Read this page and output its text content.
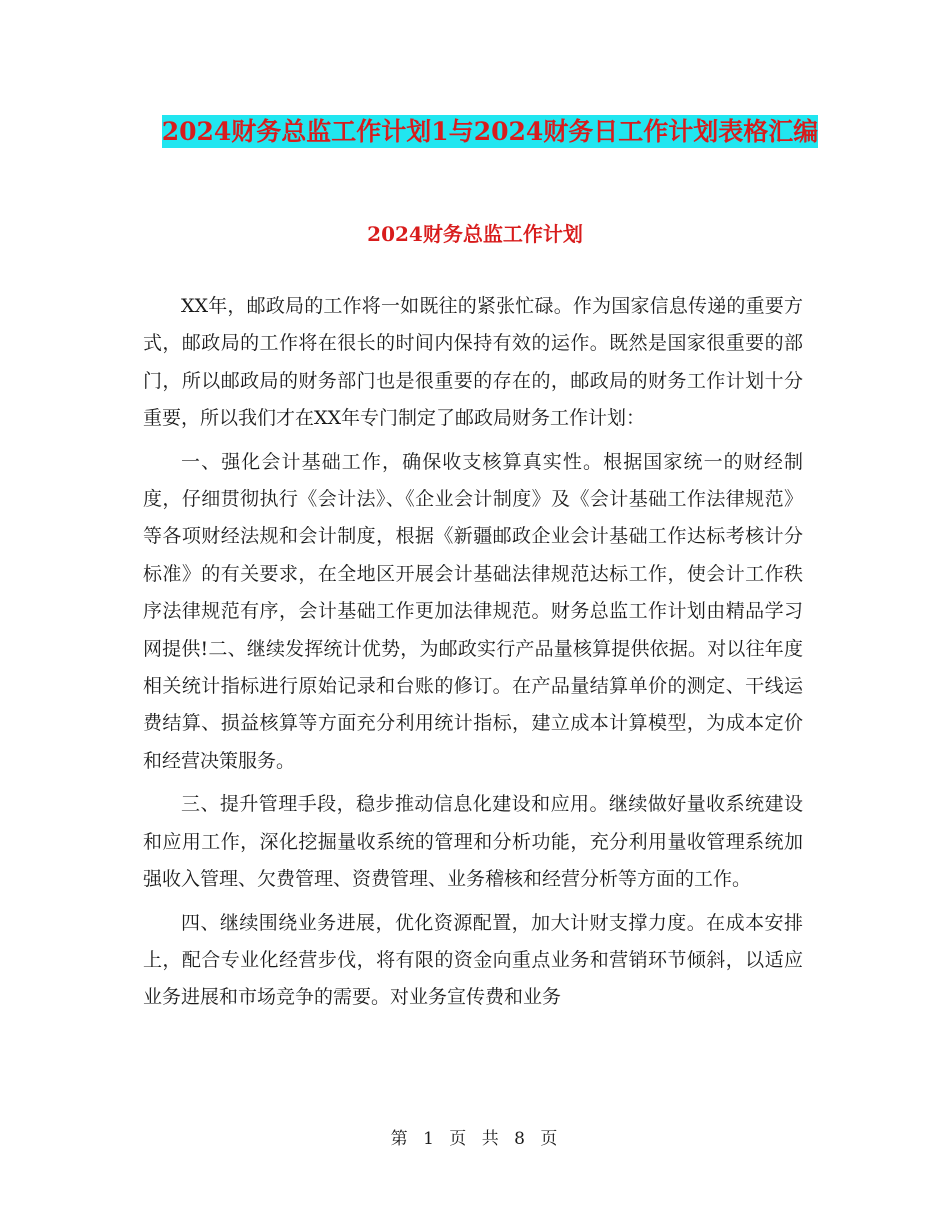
2024财务总监工作计划1与2024财务日工作计划表格汇编
2024财务总监工作计划

XX年，邮政局的工作将一如既往的紧张忙碌。作为国家信息传递的重要方式，邮政局的工作将在很长的时间内保持有效的运作。既然是国家很重要的部门，所以邮政局的财务部门也是很重要的存在的，邮政局的财务工作计划十分重要，所以我们才在XX年专门制定了邮政局财务工作计划：

一、强化会计基础工作，确保收支核算真实性。根据国家统一的财经制度，仔细贯彻执行《会计法》、《企业会计制度》及《会计基础工作法律规范》等各项财经法规和会计制度，根据《新疆邮政企业会计基础工作达标考核计分标准》的有关要求，在全地区开展会计基础法律规范达标工作，使会计工作秩序法律规范有序，会计基础工作更加法律规范。财务总监工作计划由精品学习网提供!二、继续发挥统计优势，为邮政实行产品量核算提供依据。对以往年度相关统计指标进行原始记录和台账的修订。在产品量结算单价的测定、干线运费结算、损益核算等方面充分利用统计指标，建立成本计算模型，为成本定价和经营决策服务。

三、提升管理手段，稳步推动信息化建设和应用。继续做好量收系统建设和应用工作，深化挖掘量收系统的管理和分析功能，充分利用量收管理系统加强收入管理、欠费管理、资费管理、业务稽核和经营分析等方面的工作。

四、继续围绕业务进展，优化资源配置，加大计财支撑力度。在成本安排上，配合专业化经营步伐，将有限的资金向重点业务和营销环节倾斜，以适应业务进展和市场竞争的需要。对业务宣传费和业务

第 1 页 共 8 页
